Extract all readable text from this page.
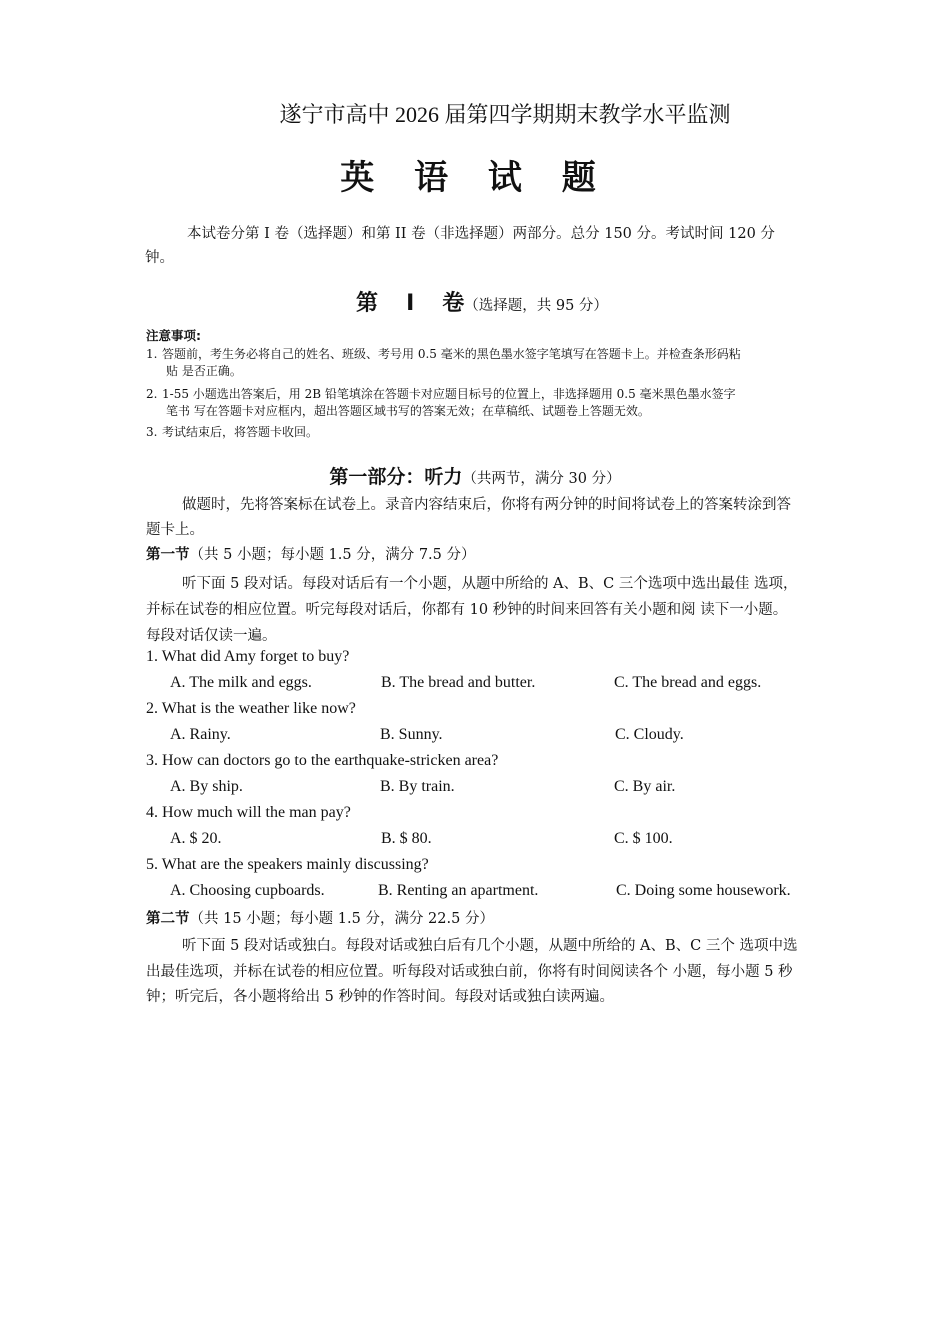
遂宁市高中 2026 届第四学期期末教学水平监测
英 语 试 题
本试卷分第 I 卷（选择题）和第 II 卷（非选择题）两部分。总分 150 分。考试时间 120 分钟。
第 I 卷（选择题，共 95 分）
注意事项:
1. 答题前，考生务必将自己的姓名、班级、考号用 0.5 毫米的黑色墨水签字笔填写在答题卡上。并检查条形码粘
贴 是否正确。
2. 1-55 小题选出答案后，用 2B 铅笔填涂在答题卡对应题目标号的位置上，非选择题用 0.5 毫米黑色墨水签字
笔书 写在答题卡对应框内，超出答题区域书写的答案无效；在草稿纸、试题卷上答题无效。
3. 考试结束后，将答题卡收回。
第一部分：听力（共两节，满分 30 分）
做题时，先将答案标在试卷上。录音内容结束后，你将有两分钟的时间将试卷上的答案转涂到答 题卡上。
第一节（共 5 小题；每小题 1.5 分，满分 7.5 分）
听下面 5 段对话。每段对话后有一个小题，从题中所给的 A、B、C 三个选项中选出最佳 选项，并标在试卷的相应位置。听完每段对话后，你都有 10 秒钟的时间来回答有关小题和阅 读下一小题。每段对话仅读一遍。
1. What did Amy forget to buy?
A. The milk and eggs.	B. The bread and butter.	C. The bread and eggs.
2. What is the weather like now?
A. Rainy.	B. Sunny.	C. Cloudy.
3. How can doctors go to the earthquake-stricken area?
A. By ship.	B. By train.	C. By air.
4. How much will the man pay?
A. $ 20.	B. $ 80.	C. $ 100.
5. What are the speakers mainly discussing?
A. Choosing cupboards.	B. Renting an apartment.	C. Doing some housework.
第二节（共 15 小题；每小题 1.5 分，满分 22.5 分）
听下面 5 段对话或独白。每段对话或独白后有几个小题，从题中所给的 A、B、C 三个 选项中选出最佳选项，并标在试卷的相应位置。听每段对话或独白前，你将有时间阅读各个 小题，每小题 5 秒钟；听完后，各小题将给出 5 秒钟的作答时间。每段对话或独白读两遍。
